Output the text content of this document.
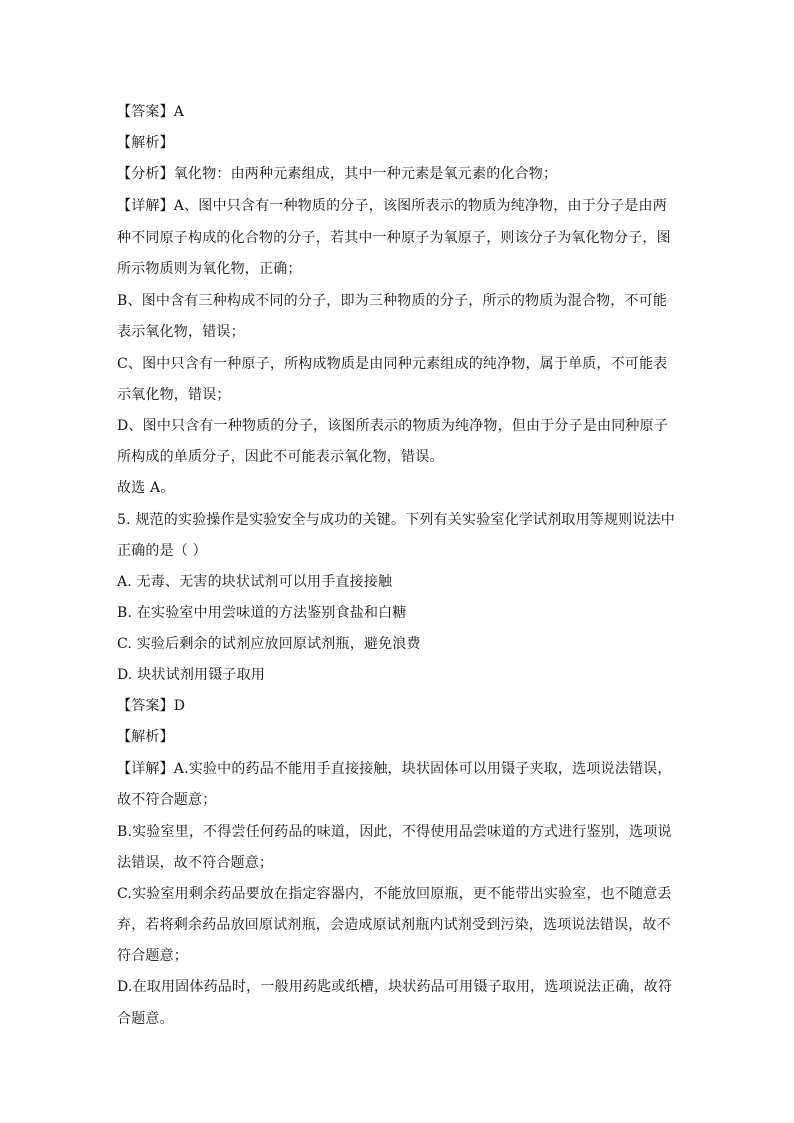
【答案】A
【解析】
【分析】氧化物：由两种元素组成，其中一种元素是氧元素的化合物；
【详解】A、图中只含有一种物质的分子，该图所表示的物质为纯净物，由于分子是由两
种不同原子构成的化合物的分子，若其中一种原子为氧原子，则该分子为氧化物分子，图
所示物质则为氧化物，正确；
B、图中含有三种构成不同的分子，即为三种物质的分子，所示的物质为混合物，不可能
表示氧化物，错误；
C、图中只含有一种原子，所构成物质是由同种元素组成的纯净物，属于单质，不可能表
示氧化物，错误；
D、图中只含有一种物质的分子，该图所表示的物质为纯净物，但由于分子是由同种原子
所构成的单质分子，因此不可能表示氧化物，错误。
故选 A。
5. 规范的实验操作是实验安全与成功的关键。下列有关实验室化学试剂取用等规则说法中
正确的是（ ）
A. 无毒、无害的块状试剂可以用手直接接触
B. 在实验室中用尝味道的方法鉴别食盐和白糖
C. 实验后剩余的试剂应放回原试剂瓶，避免浪费
D. 块状试剂用镊子取用
【答案】D
【解析】
【详解】A.实验中的药品不能用手直接接触，块状固体可以用镊子夹取，选项说法错误，
故不符合题意；
B.实验室里，不得尝任何药品的味道，因此，不得使用品尝味道的方式进行鉴别，选项说
法错误，故不符合题意；
C.实验室用剩余药品要放在指定容器内，不能放回原瓶，更不能带出实验室，也不随意丢
弃，若将剩余药品放回原试剂瓶，会造成原试剂瓶内试剂受到污染，选项说法错误，故不
符合题意；
D.在取用固体药品时，一般用药匙或纸槽，块状药品可用镊子取用，选项说法正确，故符
合题意。
